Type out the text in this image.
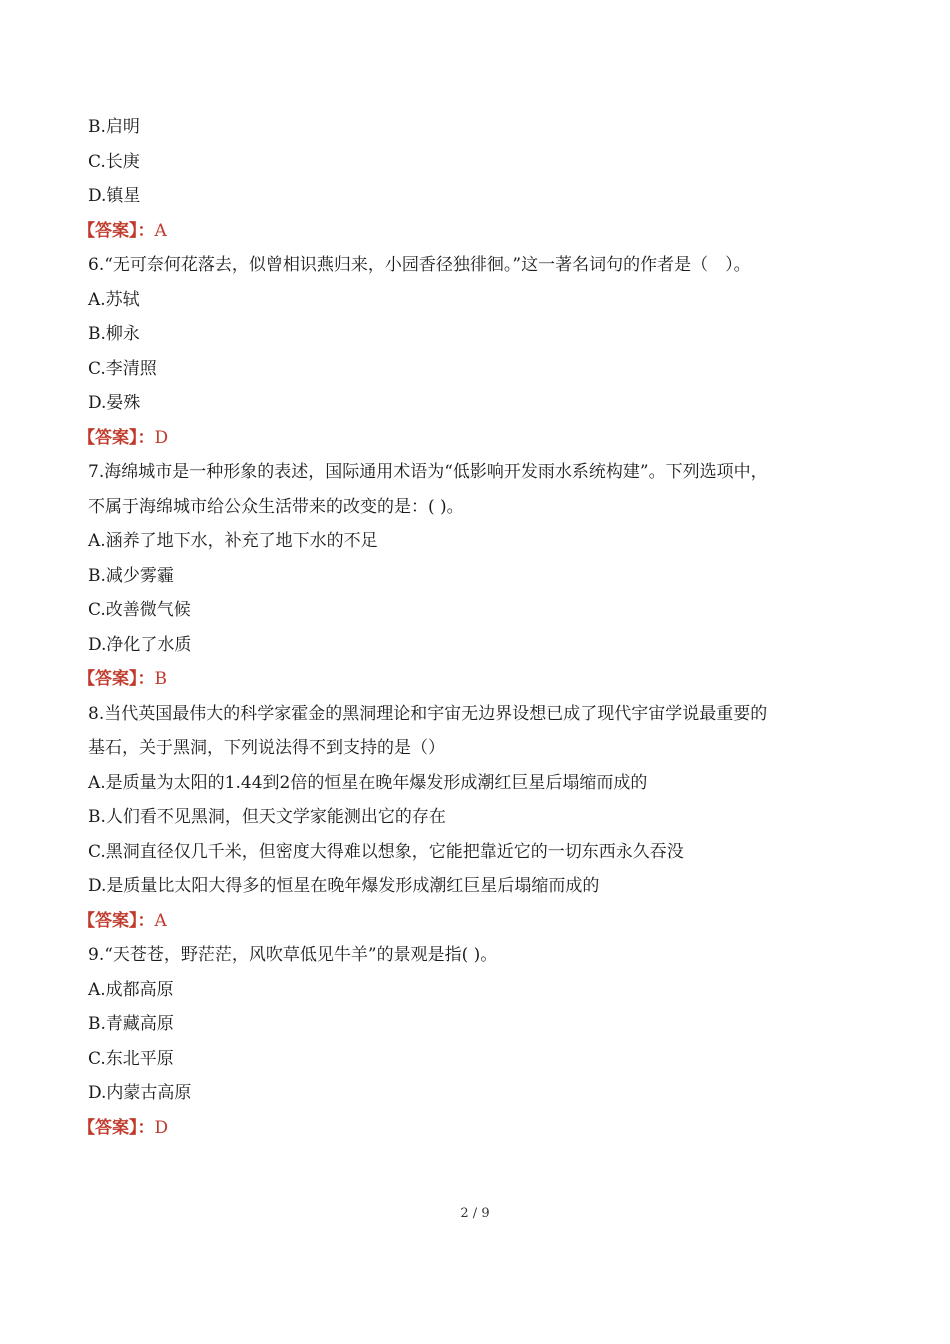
B.启明
C.长庚
D.镇星
【答案】：A
6.“无可奈何花落去，似曾相识燕归来，小园香径独徘徊。”这一著名词句的作者是（　）。
A.苏轼
B.柳永
C.李清照
D.晏殊
【答案】：D
7.海绵城市是一种形象的表述，国际通用术语为“低影响开发雨水系统构建”。下列选项中，
不属于海绵城市给公众生活带来的改变的是：( )。
A.涵养了地下水，补充了地下水的不足
B.减少雾霾
C.改善微气候
D.净化了水质
【答案】：B
8.当代英国最伟大的科学家霍金的黑洞理论和宇宙无边界设想已成了现代宇宙学说最重要的
基石，关于黑洞，下列说法得不到支持的是（）
A.是质量为太阳的1.44到2倍的恒星在晚年爆发形成潮红巨星后塌缩而成的
B.人们看不见黑洞，但天文学家能测出它的存在
C.黑洞直径仅几千米，但密度大得难以想象，它能把靠近它的一切东西永久吞没
D.是质量比太阳大得多的恒星在晚年爆发形成潮红巨星后塌缩而成的
【答案】：A
9.“天苍苍，野茫茫，风吹草低见牛羊”的景观是指( )。
A.成都高原
B.青藏高原
C.东北平原
D.内蒙古高原
【答案】：D
2 / 9
